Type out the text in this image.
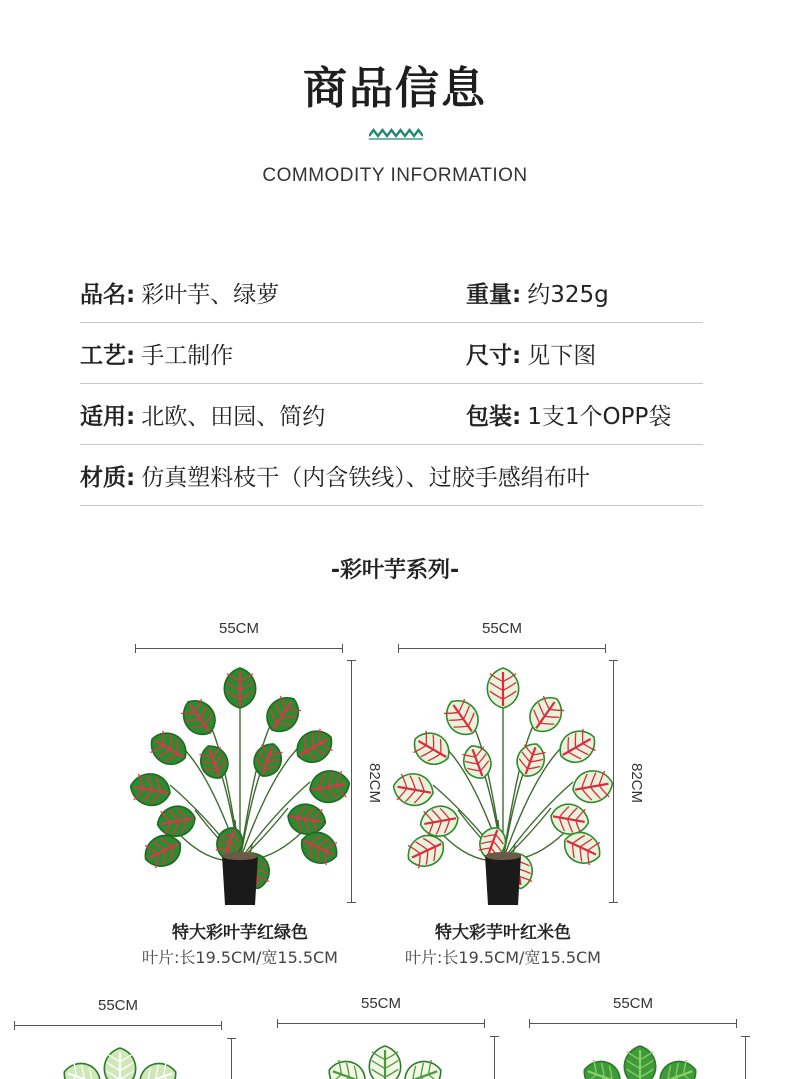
商品信息
COMMODITY INFORMATION
品名: 彩叶芋、绿萝	重量: 约325g
工艺: 手工制作	尺寸: 见下图
适用: 北欧、田园、简约	包装: 1支1个OPP袋
材质: 仿真塑料枝干（内含铁线）、过胶手感绢布叶
-彩叶芋系列-
55CM
82CM
特大彩叶芋红绿色
叶片:长19.5CM/宽15.5CM
55CM
82CM
特大彩芋叶红米色
叶片:长19.5CM/宽15.5CM
55CM	55CM	55CM
